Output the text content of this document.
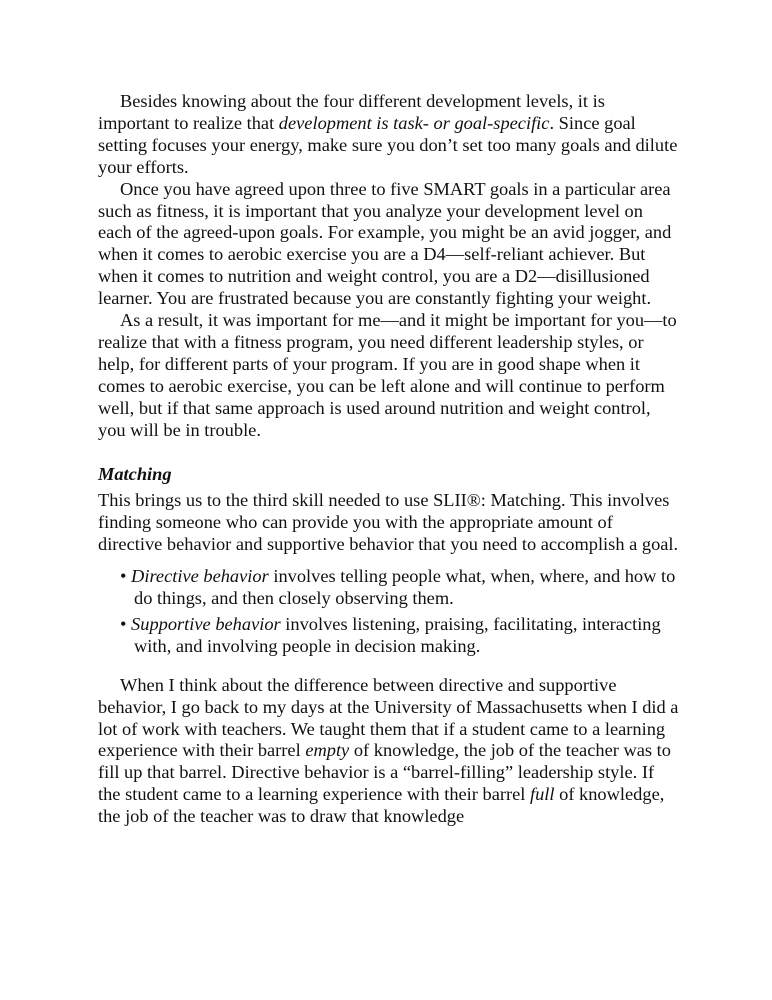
Besides knowing about the four different development levels, it is important to realize that development is task- or goal-specific. Since goal setting focuses your energy, make sure you don’t set too many goals and dilute your efforts.

Once you have agreed upon three to five SMART goals in a particular area such as fitness, it is important that you analyze your development level on each of the agreed-upon goals. For example, you might be an avid jogger, and when it comes to aerobic exercise you are a D4—self-reliant achiever. But when it comes to nutrition and weight control, you are a D2—disillusioned learner. You are frustrated because you are constantly fighting your weight.

As a result, it was important for me—and it might be important for you—to realize that with a fitness program, you need different leadership styles, or help, for different parts of your program. If you are in good shape when it comes to aerobic exercise, you can be left alone and will continue to perform well, but if that same approach is used around nutrition and weight control, you will be in trouble.

Matching

This brings us to the third skill needed to use SLII®: Matching. This involves finding someone who can provide you with the appropriate amount of directive behavior and supportive behavior that you need to accomplish a goal.

• Directive behavior involves telling people what, when, where, and how to do things, and then closely observing them.

• Supportive behavior involves listening, praising, facilitating, interacting with, and involving people in decision making.

When I think about the difference between directive and supportive behavior, I go back to my days at the University of Massachusetts when I did a lot of work with teachers. We taught them that if a student came to a learning experience with their barrel empty of knowledge, the job of the teacher was to fill up that barrel. Directive behavior is a “barrel-filling” leadership style. If the student came to a learning experience with their barrel full of knowledge, the job of the teacher was to draw that knowledge
